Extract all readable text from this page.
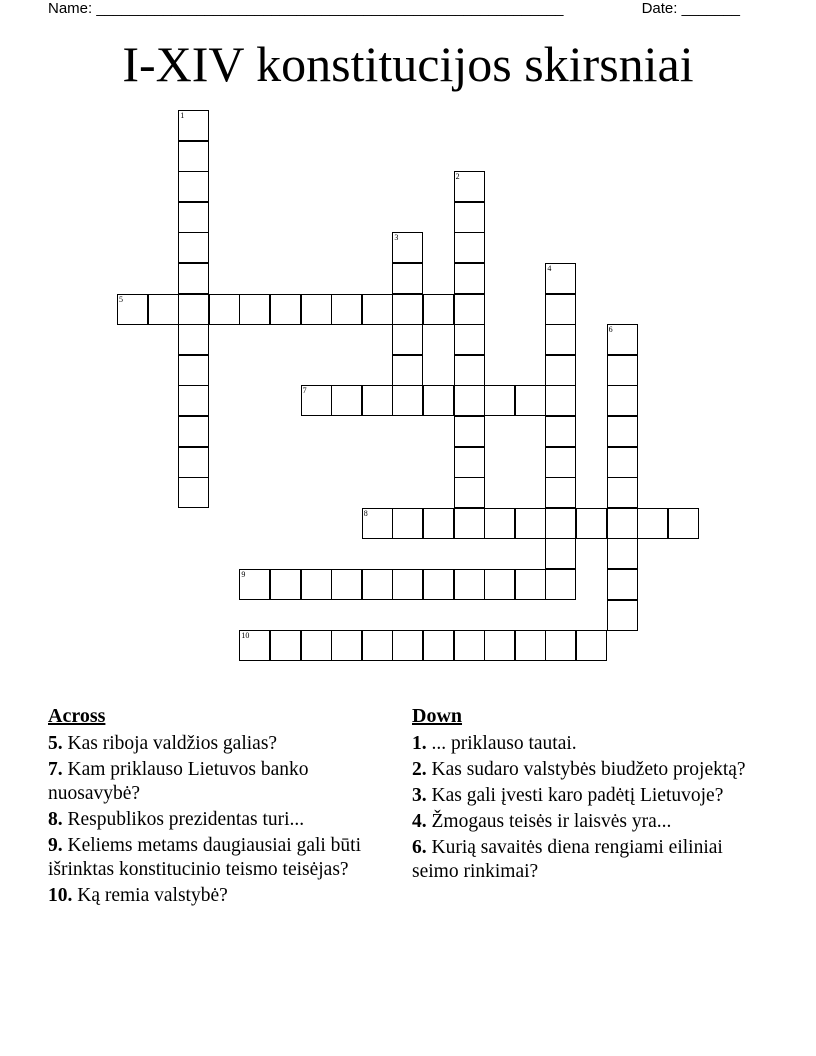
Name: ________________________________________________________	Date: _______
I-XIV konstitucijos skirsniai
1
2
3
4
5
6
7
8
9
10
Across
5. Kas riboja valdžios galias?
7. Kam priklauso Lietuvos banko nuosavybė?
8. Respublikos prezidentas turi...
9. Keliems metams daugiausiai gali būti išrinktas konstitucinio teismo teisėjas?
10. Ką remia valstybė?
Down
1. ... priklauso tautai.
2. Kas sudaro valstybės biudžeto projektą?
3. Kas gali įvesti karo padėtį Lietuvoje?
4. Žmogaus teisės ir laisvės yra...
6. Kurią savaitės diena rengiami eiliniai seimo rinkimai?
